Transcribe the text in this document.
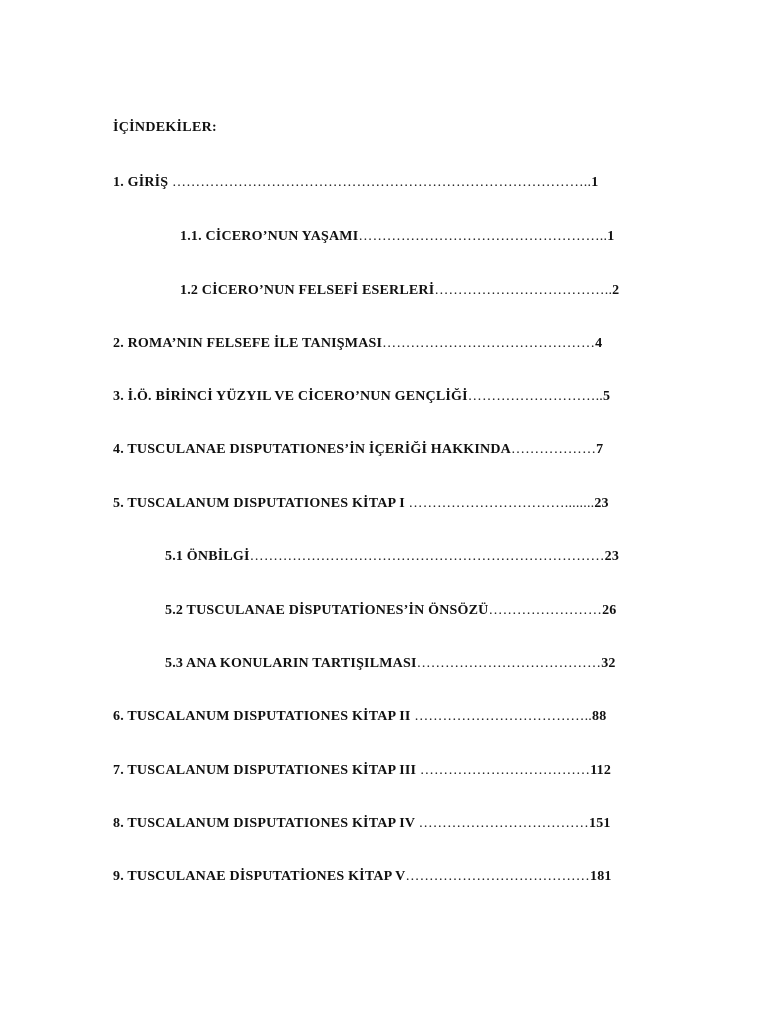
İÇİNDEKİLER:
1. GİRİŞ ……………………………………………………………………………..1
1.1. CİCERO’NUN YAŞAMI……………………………………………..1
1.2 CİCERO’NUN FELSEFİ ESERLERİ………………………………..2
2. ROMA’NIN FELSEFE İLE TANIŞMASI………………………………………4
3. İ.Ö. BİRİNCİ YÜZYIL VE CİCERO’NUN GENÇLİĞİ………………………..5
4. TUSCULANAE DISPUTATIONES’İN İÇERİĞİ HAKKINDA………………7
5. TUSCALANUM DISPUTATIONES KİTAP I ……………………………........23
5.1 ÖNBİLGİ…………………………………………………………………23
5.2 TUSCULANAE DİSPUTATİONES’İN ÖNSÖZÜ……………………26
5.3 ANA KONULARIN TARTIŞILMASI…………………………………32
6. TUSCALANUM DISPUTATIONES KİTAP II ………………………………..88
7. TUSCALANUM DISPUTATIONES KİTAP III ………………………………112
8. TUSCALANUM DISPUTATIONES KİTAP IV ………………………………151
9. TUSCULANAE DİSPUTATİONES KİTAP V…………………………………181
